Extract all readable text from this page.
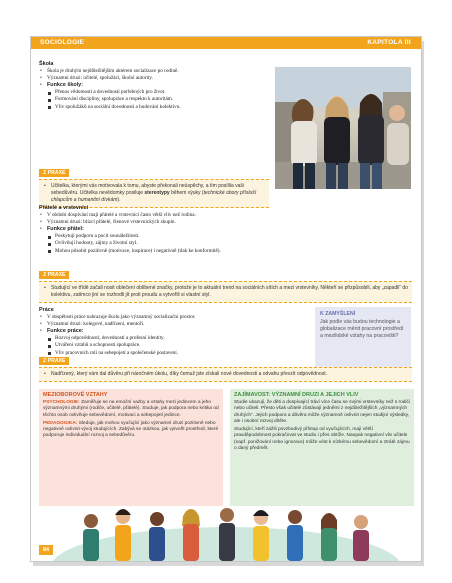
SOCIOLOGIE	KAPITOLA III
Škola
• Škola je druhým nejdůležitějším aktérem socializace po rodině.
• Významní druzi: učitelé, spolužáci, školní autority.
• Funkce školy:
Přenos vědomostí a dovedností potřebných pro život.
Formování disciplíny, spolupráce a respektu k autoritám.
Vliv spolužáků na sociální dovednosti a budování kolektivu.
Z PRAXE
• Učitelka, kterými vás motivovala k tomu, abyste překonali neúspěchy, a tím posílila vaši sebedůvěru. Učitelka nevědomky posiluje stereotypy během výuky (technické obory přísluší chlapcům a humanitní dívkám).
Přátelé a vrstevníci
• V období dospívání mají přátelé a vrstevníci často větší vliv než rodina.
• Významní druzi: blízcí přátelé, členové vrstevnických skupin.
• Funkce přátel:
Poskytují podporu a pocit sounáležitosti.
Ovlivňují hodnoty, zájmy a životní styl.
Mohou působit pozitivně (motivace, inspirace) i negativně (tlak ke konformitě).
Z PRAXE
• Studující ve třídě začali nosit oblečení oblíbené značky, protože je to aktuální trend na sociálních sítích a mezi vrstevníky. Někteří se přizpůsobili, aby „zapadli“ do kolektivu, zatímco jiní se rozhodli jít proti proudu a vytvořili si vlastní styl.
Práce
• V dospělosti práce nahrazuje školu jako významný socializační prostor.
• Významní druzi: kolegové, nadřízení, mentoři.
• Funkce práce:
Rozvoj odpovědnosti, dovedností a profesní identity.
Utváření vztahů a schopností spolupráce.
Vliv pracovních rolí na sebepojetí a společenské postavení.
K ZAMYŠLENÍ
Jak podle vás budou technologie a globalizace měnit pracovní prostředí a mezilidské vztahy na pracovišti?
Z PRAXE
• Nadřízený, který vám dal důvěru při náročném úkolu, díky čemuž jste získali nové dovednosti a odvahu převzít odpovědnost.
MEZIOBOROVÉ VZTAHY

PSYCHOLOGIE: Zaměřuje se na emoční vazby a vztahy mezi jedincem a jeho významnými druhými (rodiče, učitelé, přátelé). Studuje, jak podpora nebo kritika od těchto osob ovlivňuje sebevědomí, motivaci a sebepojetí jedince.

PEDAGOGIKA: Sleduje, jak mohou vyučující jako významní druzi pozitivně nebo negativně ovlivnit vývoj studujících. Zabývá se otázkou, jak vytvořit prostředí, které podporuje individuální rozvoj a sebedůvěru.

ZAJÍMAVOST: VÝZNAMNÍ DRUZI A JEJICH VLIV

Studie ukazují, že děti a dospívající tráví více času se svými vrstevníky než s rodiči nebo učiteli. Přesto však učitelé zůstávají jedněmi z nejdůležitějších „významných druhých“. Jejich podpora a důvěra může významně ovlivnit nejen studijní výsledky, ale i osobní rozvoj dítěte.

Studující, kteří zažili povzbudivý přístup od vyučujících, mají větší pravděpodobnost pokračovat ve studiu i přes obtíže. Naopak negativní vliv učitele (např. ponižování nebo ignorace) může vést k nízkému sebevědomí a ztrátě zájmu o daný předmět.

84
